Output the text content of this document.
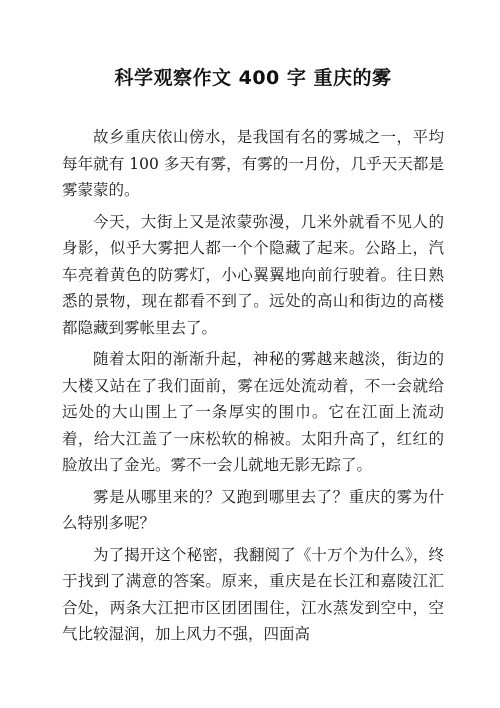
科学观察作文 400 字 重庆的雾

故乡重庆依山傍水，是我国有名的雾城之一，平均每年就有 100 多天有雾，有雾的一月份，几乎天天都是雾蒙蒙的。

今天，大街上又是浓蒙弥漫，几米外就看不见人的身影，似乎大雾把人都一个个隐藏了起来。公路上，汽车亮着黄色的防雾灯，小心翼翼地向前行驶着。往日熟悉的景物，现在都看不到了。远处的高山和街边的高楼都隐藏到雾帐里去了。

随着太阳的渐渐升起，神秘的雾越来越淡，街边的大楼又站在了我们面前，雾在远处流动着，不一会就给远处的大山围上了一条厚实的围巾。它在江面上流动着，给大江盖了一床松软的棉被。太阳升高了，红红的脸放出了金光。雾不一会儿就地无影无踪了。

雾是从哪里来的？又跑到哪里去了？重庆的雾为什么特别多呢？

为了揭开这个秘密，我翻阅了《十万个为什么》，终于找到了满意的答案。原来，重庆是在长江和嘉陵江汇合处，两条大江把市区团团围住，江水蒸发到空中，空气比较湿润，加上风力不强，四面高
